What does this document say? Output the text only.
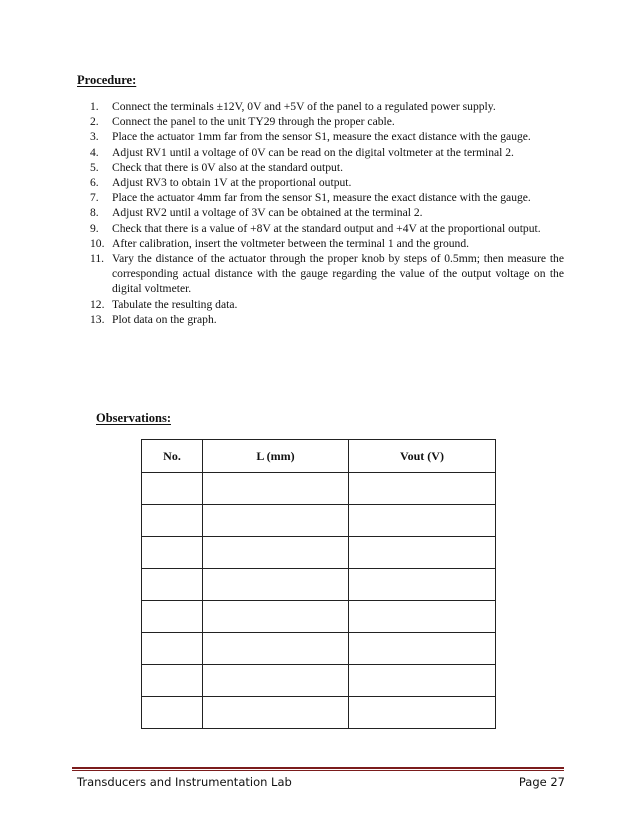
Procedure:
1.	Connect the terminals ±12V, 0V and +5V of the panel to a regulated power supply.
2.	Connect the panel to the unit TY29 through the proper cable.
3.	Place the actuator 1mm far from the sensor S1, measure the exact distance with the gauge.
4.	Adjust RV1 until a voltage of 0V can be read on the digital voltmeter at the terminal 2.
5.	Check that there is 0V also at the standard output.
6.	Adjust RV3 to obtain 1V at the proportional output.
7.	Place the actuator 4mm far from the sensor S1, measure the exact distance with the gauge.
8.	Adjust RV2 until a voltage of 3V can be obtained at the terminal 2.
9.	Check that there is a value of +8V at the standard output and +4V at the proportional output.
10. After calibration, insert the voltmeter between the terminal 1 and the ground.
11. Vary the distance of the actuator through the proper knob by steps of 0.5mm; then measure the corresponding actual distance with the gauge regarding the value of the output voltage on the digital voltmeter.
12. Tabulate the resulting data.
13. Plot data on the graph.
Observations:
No.	L (mm)	Vout (V)

Transducers and Instrumentation Lab	Page 27
